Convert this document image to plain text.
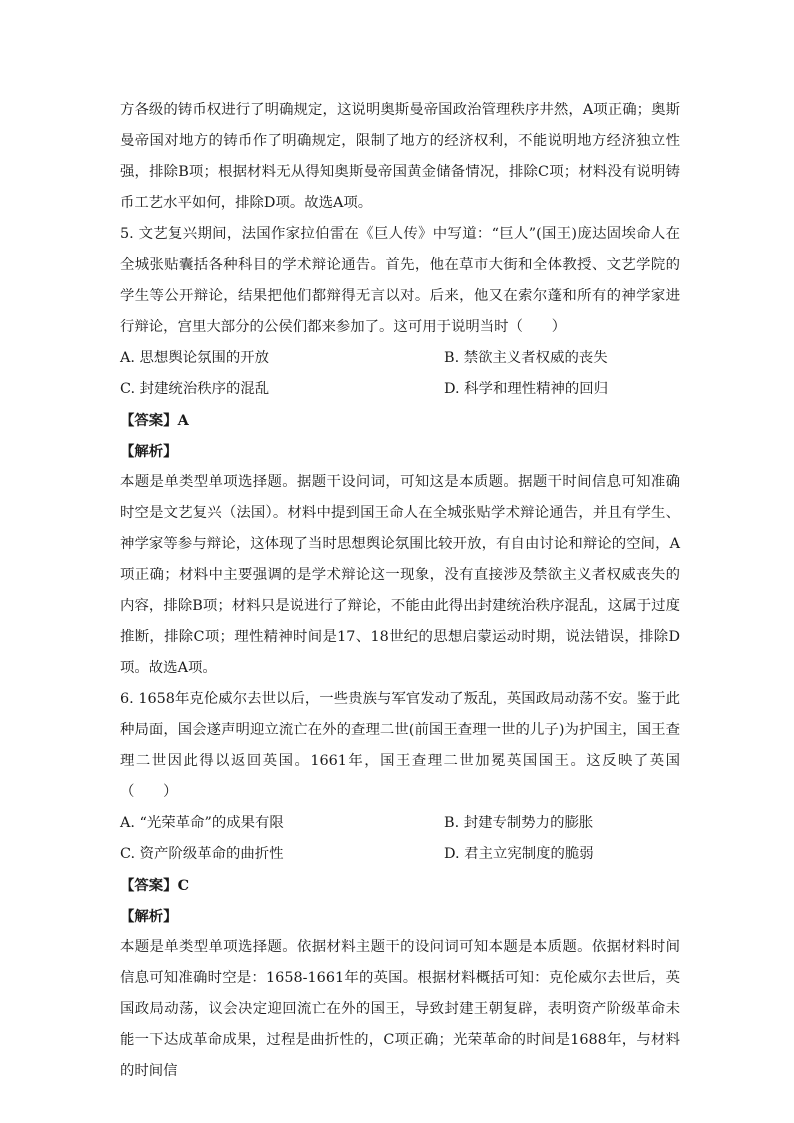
方各级的铸币权进行了明确规定，这说明奥斯曼帝国政治管理秩序井然，A项正确；奥斯曼帝国对地方的铸币作了明确规定，限制了地方的经济权利，不能说明地方经济独立性强，排除B项；根据材料无从得知奥斯曼帝国黄金储备情况，排除C项；材料没有说明铸币工艺水平如何，排除D项。故选A项。

5. 文艺复兴期间，法国作家拉伯雷在《巨人传》中写道：“巨人”(国王)庞达固埃命人在全城张贴囊括各种科目的学术辩论通告。首先，他在草市大街和全体教授、文艺学院的学生等公开辩论，结果把他们都辩得无言以对。后来，他又在索尔蓬和所有的神学家进行辩论，宫里大部分的公侯们都来参加了。这可用于说明当时（　　）

A. 思想舆论氛围的开放	B. 禁欲主义者权威的丧失

C. 封建统治秩序的混乱	D. 科学和理性精神的回归

【答案】A

【解析】

本题是单类型单项选择题。据题干设问词，可知这是本质题。据题干时间信息可知准确时空是文艺复兴（法国）。材料中提到国王命人在全城张贴学术辩论通告，并且有学生、神学家等参与辩论，这体现了当时思想舆论氛围比较开放，有自由讨论和辩论的空间，A项正确；材料中主要强调的是学术辩论这一现象，没有直接涉及禁欲主义者权威丧失的内容，排除B项；材料只是说进行了辩论，不能由此得出封建统治秩序混乱，这属于过度推断，排除C项；理性精神时间是17、18世纪的思想启蒙运动时期，说法错误，排除D项。故选A项。

6. 1658年克伦威尔去世以后，一些贵族与军官发动了叛乱，英国政局动荡不安。鉴于此种局面，国会遂声明迎立流亡在外的查理二世(前国王查理一世的儿子)为护国主，国王查理二世因此得以返回英国。1661年，国王查理二世加冕英国国王。这反映了英国（　　）

A. “光荣革命”的成果有限	B. 封建专制势力的膨胀

C. 资产阶级革命的曲折性	D. 君主立宪制度的脆弱

【答案】C

【解析】

本题是单类型单项选择题。依据材料主题干的设问词可知本题是本质题。依据材料时间信息可知准确时空是：1658-1661年的英国。根据材料概括可知：克伦威尔去世后，英国政局动荡，议会决定迎回流亡在外的国王，导致封建王朝复辟，表明资产阶级革命未能一下达成革命成果，过程是曲折性的，C项正确；光荣革命的时间是1688年，与材料的时间信
